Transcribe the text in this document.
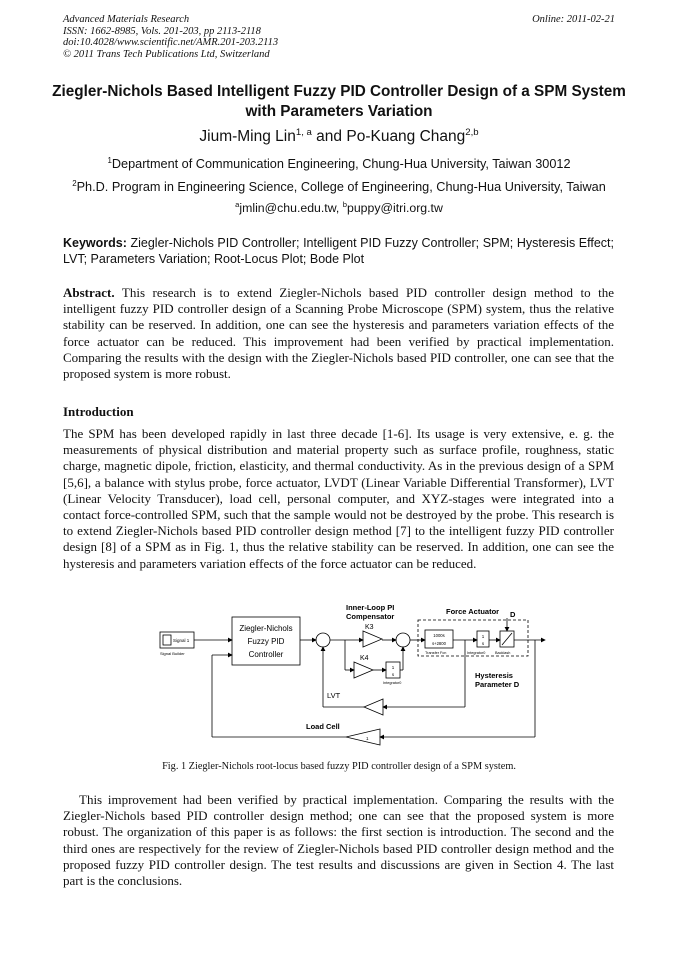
Advanced Materials Research
ISSN: 1662-8985, Vols. 201-203, pp 2113-2118
doi:10.4028/www.scientific.net/AMR.201-203.2113
© 2011 Trans Tech Publications Ltd, Switzerland
Online: 2011-02-21
Ziegler-Nichols Based Intelligent Fuzzy PID Controller Design of a SPM System with Parameters Variation
Jium-Ming Lin$^{1, a}$ and Po-Kuang Chang$^{2,b}$
$^1$Department of Communication Engineering, Chung-Hua University, Taiwan 30012
$^2$Ph.D. Program in Engineering Science, College of Engineering, Chung-Hua University, Taiwan
$^a$jmlin@chu.edu.tw, $^b$puppy@itri.org.tw
Keywords: Ziegler-Nichols PID Controller; Intelligent PID Fuzzy Controller; SPM; Hysteresis Effect; LVT; Parameters Variation; Root-Locus Plot; Bode Plot
Abstract. This research is to extend Ziegler-Nichols based PID controller design method to the intelligent fuzzy PID controller design of a Scanning Probe Microscope (SPM) system, thus the relative stability can be reserved. In addition, one can see the hysteresis and parameters variation effects of the force actuator can be reduced. This improvement had been verified by practical implementation. Comparing the results with the design with the Ziegler-Nichols based PID controller, one can see that the proposed system is more robust.
Introduction
The SPM has been developed rapidly in last three decade [1-6]. Its usage is very extensive, e. g. the measurements of physical distribution and material property such as surface profile, roughness, static charge, magnetic dipole, friction, elasticity, and thermal conductivity. As in the previous design of a SPM [5,6], a balance with stylus probe, force actuator, LVDT (Linear Variable Differential Transformer), LVT (Linear Velocity Transducer), load cell, personal computer, and XYZ-stages were integrated into a contact force-controlled SPM, such that the sample would not be destroyed by the probe. This research is to extend Ziegler-Nichols based PID controller design method [7] to the intelligent fuzzy PID controller design [8] of a SPM as in Fig. 1, thus the relative stability can be reserved. In addition, one can see the hysteresis and parameters variation effects of the force actuator can be reduced.
Signal 1
Signal Builder
Ziegler-Nichols
Fuzzy PID
Controller
Inner-Loop PI
Compensator
K3
K4
1
s
Integrator0
Force Actuator
1000s
s+2800
Transfer Fcn
1
s
Integrator0	Backlash
D
Hysteresis
Parameter D
LVT
Load Cell
1
Fig. 1 Ziegler-Nichols root-locus based fuzzy PID controller design of a SPM system.
This improvement had been verified by practical implementation. Comparing the results with the Ziegler-Nichols based PID controller design method; one can see that the proposed system is more robust. The organization of this paper is as follows: the first section is introduction. The second and the third ones are respectively for the review of Ziegler-Nichols based PID controller design method and the proposed fuzzy PID controller design. The test results and discussions are given in Section 4. The last part is the conclusions.
